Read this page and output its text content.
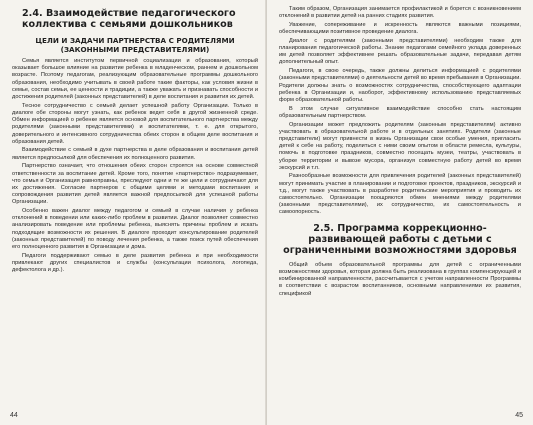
2.4. Взаимодействие педагогического коллектива с семьями дошкольников
ЦЕЛИ И ЗАДАЧИ ПАРТНЕРСТВА С РОДИТЕЛЯМИ (ЗАКОННЫМИ ПРЕДСТАВИТЕЛЯМИ)

Семья является институтом первичной социализации и образования, который оказывает большое влияние на развитие ребенка в младенческом, раннем и дошкольном возрасте. Поэтому педагогам, реализующим образовательные программы дошкольного образования, необходимо учитывать в своей работе такие факторы, как условия жизни в семье, состав семьи, ее ценности и традиции, а также уважать и признавать способности и достижения родителей (законных представителей) в деле воспитания и развития их детей.

Тесное сотрудничество с семьей делает успешной работу Организации. Только в диалоге обе стороны могут узнать, как ребенок ведет себя в другой жизненной среде. Обмен информацией о ребенке является основой для воспитательного партнерства между родителями (законными представителями) и воспитателями, т. е. для открытого, доверительного и интенсивного сотрудничества обеих сторон в общем деле воспитания и образования детей.

Взаимодействие с семьей в духе партнерства в деле образования и воспитания детей является предпосылкой для обеспечения их полноценного развития.

Партнерство означает, что отношения обеих сторон строятся на основе совместной ответственности за воспитание детей. Кроме того, понятие «партнерство» подразумевает, что семья и Организация равноправны, преследуют одни и те же цели и сотрудничают для их достижения. Согласие партнеров с общими целями и методами воспитания и сопровождения развития детей является важной предпосылкой для успешной работы Организации.

Особенно важен диалог между педагогом и семьей в случае наличия у ребенка отклонений в поведении или каких-либо проблем в развитии. Диалог позволяет совместно анализировать поведение или проблемы ребенка, выяснять причины проблем и искать подходящие возможности их решения. В диалоге проходит консультирование родителей (законных представителей) по поводу лечения ребенка, а также поиск путей обеспечения его полноценного развития в Организации и дома.

Педагоги поддерживают семью в деле развития ребенка и при необходимости привлекают других специалистов и службы (консультации психолога, логопеда, дефектолога и др.).

44

Таким образом, Организация занимается профилактикой и борется с возникновением отклонений в развитии детей на ранних стадиях развития.

Уважение, сопереживание и искренность являются важными позициями, обеспечивающими позитивное проведение диалога.

Диалог с родителями (законными представителями) необходим также для планирования педагогической работы. Знание педагогами семейного уклада доверенных им детей позволяет эффективнее решать образовательные задачи, передавая детям дополнительный опыт.

Педагоги, в свою очередь, также должны делиться информацией с родителями (законными представителями) о деятельности детей во время пребывания в Организации. Родители должны знать о возможностях сотрудничества, способствующего адаптации ребенка в Организации и, наоборот, эффективному использованию представляемых форм образовательной работы.

В этом случае ситуативное взаимодействие способно стать настоящим образовательным партнерством.

Организации может предложить родителям (законным представителям) активно участвовать в образовательной работе и в отдельных занятиях. Родители (законные представители) могут привнести в жизнь Организации свои особые умения, пригласить детей к себе на работу, поделиться с ними своим опытом в области ремесла, культуры, помочь в подготовке праздников, совместно посещать музеи, театры, участвовать в уборке территории и вывозе мусора, организуя совместную работу детей во время экскурсий и т.п.

Разнообразные возможности для привлечения родителей (законных представителей) могут принимать участие в планировании и подготовке проектов, праздников, экскурсий и т.д., могут также участвовать в разработке родительские мероприятия и проводить их самостоятельно. Организации поощряются обмен мнениями между родителями (законными представителями), их сотрудничество, их самостоятельность и самоопорность.

2.5. Программа коррекционно-развивающей работы с детьми с ограниченными возможностями здоровья

Общий объем образовательной программы для детей с ограниченными возможностями здоровья, которая должна быть реализована в группах компенсирующей и комбинированной направленности, рассчитывается с учетом направленности Программы в соответствии с возрастом воспитанников, основными направлениями их развития, спецификой

45
